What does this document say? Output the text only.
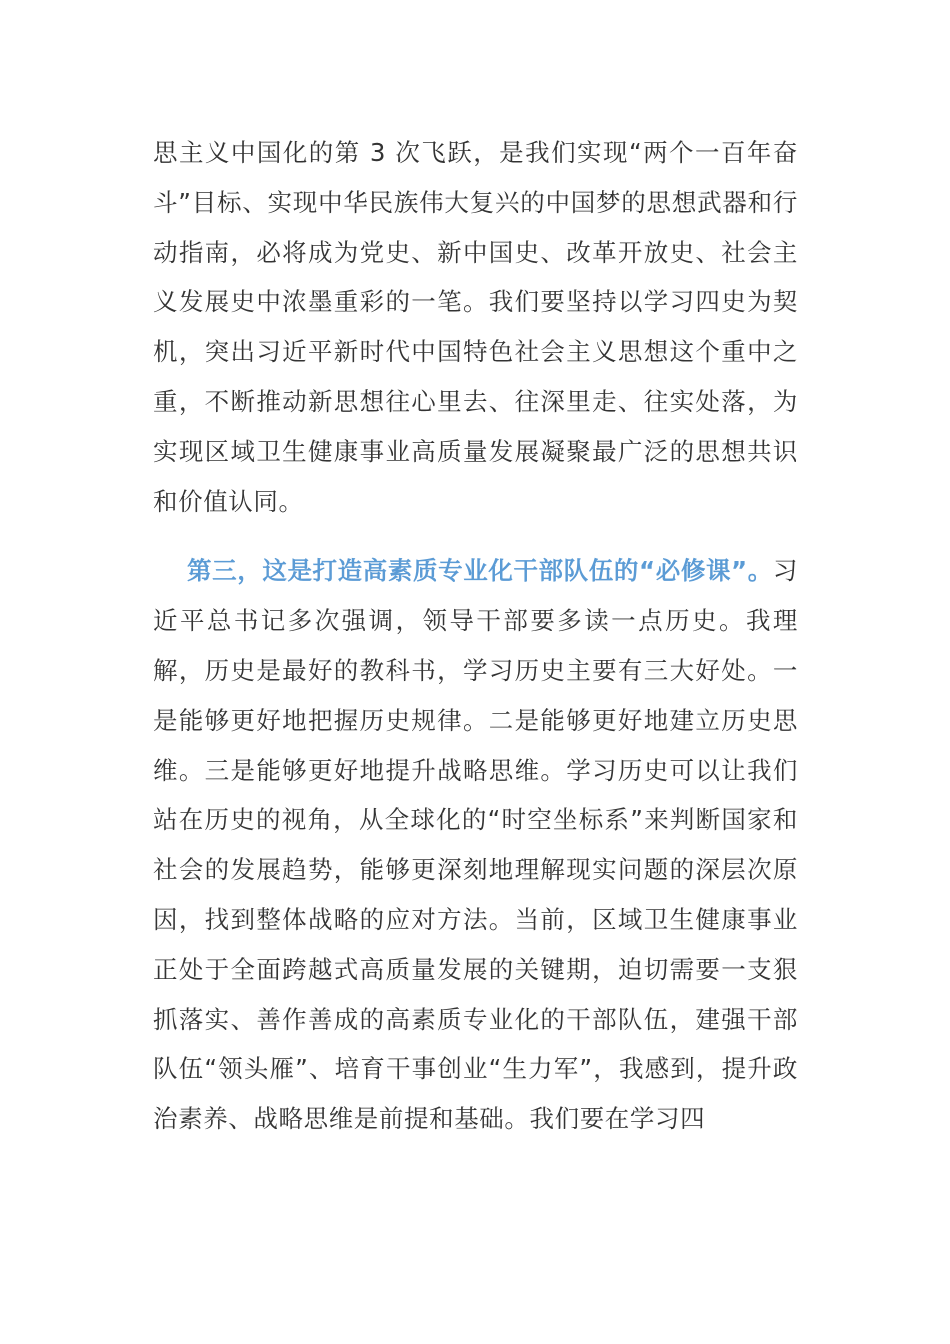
思主义中国化的第 3 次飞跃，是我们实现“两个一百年奋斗”目标、实现中华民族伟大复兴的中国梦的思想武器和行动指南，必将成为党史、新中国史、改革开放史、社会主义发展史中浓墨重彩的一笔。我们要坚持以学习四史为契机，突出习近平新时代中国特色社会主义思想这个重中之重，不断推动新思想往心里去、往深里走、往实处落，为实现区域卫生健康事业高质量发展凝聚最广泛的思想共识和价值认同。

第三，这是打造高素质专业化干部队伍的“必修课”。习近平总书记多次强调，领导干部要多读一点历史。我理解，历史是最好的教科书，学习历史主要有三大好处。一是能够更好地把握历史规律。二是能够更好地建立历史思维。三是能够更好地提升战略思维。学习历史可以让我们站在历史的视角，从全球化的“时空坐标系”来判断国家和社会的发展趋势，能够更深刻地理解现实问题的深层次原因，找到整体战略的应对方法。当前，区域卫生健康事业正处于全面跨越式高质量发展的关键期，迫切需要一支狠抓落实、善作善成的高素质专业化的干部队伍，建强干部队伍“领头雁”、培育干事创业“生力军”，我感到，提升政治素养、战略思维是前提和基础。我们要在学习四
